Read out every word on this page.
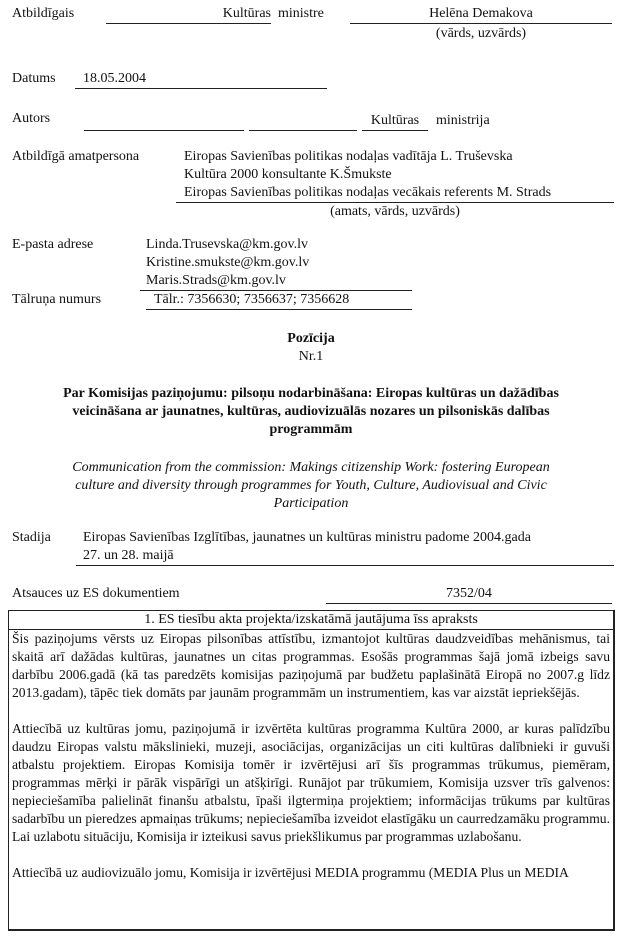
Atbildīgais	Kultūras ministre	Helēna Demakova
(vārds, uzvārds)
Datums	18.05.2004
Autors	Kultūras	ministrija
Atbildīgā amatpersona	Eiropas Savienības politikas nodaļas vadītāja L. Truševska
Kultūra 2000 konsultante K.Šmukste
Eiropas Savienības politikas nodaļas vecākais referents M. Strads
(amats, vārds, uzvārds)
E-pasta adrese	Linda.Trusevska@km.gov.lv
Kristine.smukste@km.gov.lv
Maris.Strads@km.gov.lv
Tālruņa numurs	Tālr.: 7356630; 7356637; 7356628
Pozīcija
Nr.1
Par Komisijas paziņojumu: pilsoņu nodarbināšana: Eiropas kultūras un dažādības
veicināšana ar jaunatnes, kultūras, audiovizuālās nozares un pilsoniskās dalības
programmām
Communication from the commission: Makings citizenship Work: fostering European
culture and diversity through programmes for Youth, Culture, Audiovisual and Civic
Participation
Stadija Eiropas Savienības Izglītības, jaunatnes un kultūras ministru padome 2004.gada
27. un 28. maijā
Atsauces uz ES dokumentiem	7352/04
1. ES tiesību akta projekta/izskatāmā jautājuma īss apraksts

Šis paziņojums vērsts uz Eiropas pilsonības attīstību, izmantojot kultūras daudzveidības mehānismus, tai skaitā arī dažādas kultūras, jaunatnes un citas programmas. Esošās programmas šajā jomā izbeigs savu darbību 2006.gadā (kā tas paredzēts komisijas paziņojumā par budžetu paplašinātā Eiropā no 2007.g līdz 2013.gadam), tāpēc tiek domāts par jaunām programmām un instrumentiem, kas var aizstāt iepriekšējās.

Attiecībā uz kultūras jomu, paziņojumā ir izvērtēta kultūras programma Kultūra 2000, ar kuras palīdzību daudzu Eiropas valstu mākslinieki, muzeji, asociācijas, organizācijas un citi kultūras dalībnieki ir guvuši atbalstu projektiem. Eiropas Komisija tomēr ir izvērtējusi arī šīs programmas trūkumus, piemēram, programmas mērķi ir pārāk vispārīgi un atšķirīgi. Runājot par trūkumiem, Komisija uzsver trīs galvenos: nepieciešamība palielināt finanšu atbalstu, īpaši ilgtermiņa projektiem; informācijas trūkums par kultūras sadarbību un pieredzes apmaiņas trūkums; nepieciešamība izveidot elastīgāku un caurredzamāku programmu. Lai uzlabotu situāciju, Komisija ir izteikusi savus priekšlikumus par programmas uzlabošanu.

Attiecībā uz audiovizuālo jomu, Komisija ir izvērtējusi MEDIA programmu (MEDIA Plus un MEDIA
